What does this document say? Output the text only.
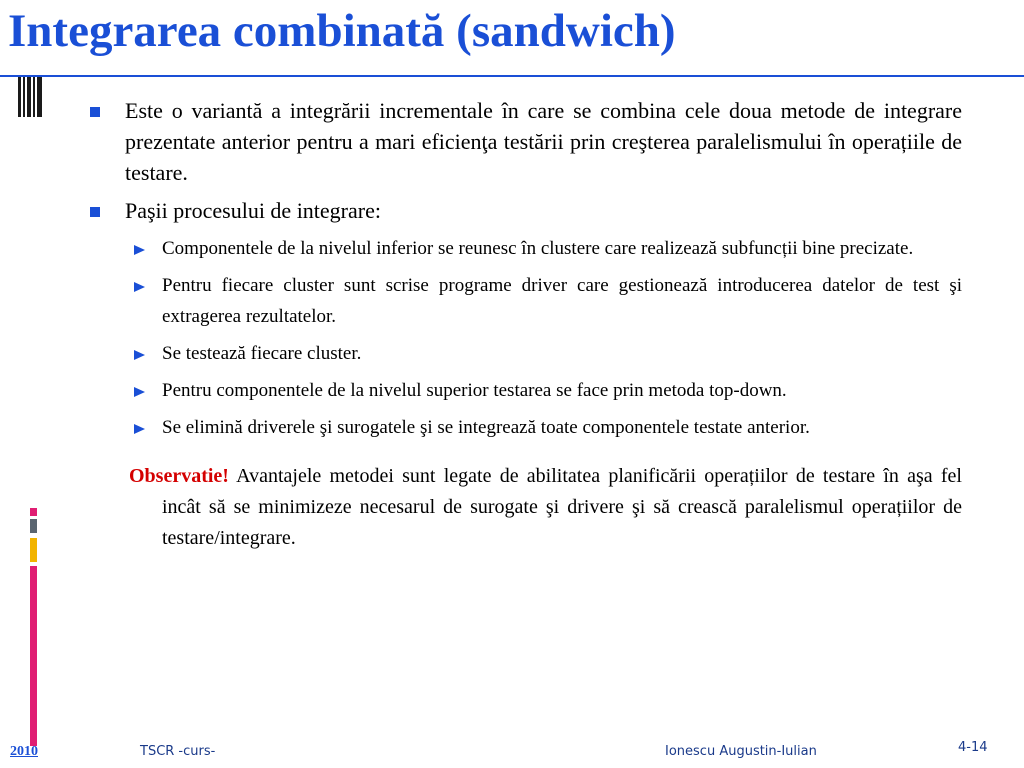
Integrarea combinată (sandwich)
Este o variantă a integrării incrementale în care se combina cele doua metode de integrare prezentate anterior pentru a mari eficienţa testării prin creşterea paralelismului în operațiile de testare.
Paşii procesului de integrare:
Componentele de la nivelul inferior se reunesc în clustere care realizează subfuncții bine precizate.
Pentru fiecare cluster sunt scrise programe driver care gestionează introducerea datelor de test şi extragerea rezultatelor.
Se testează fiecare cluster.
Pentru componentele de la nivelul superior testarea se face prin metoda top-down.
Se elimină driverele şi surogatele şi se integrează toate componentele testate anterior.
Observatie! Avantajele metodei sunt legate de abilitatea planificării operațiilor de testare în aşa fel incât să se minimizeze necesarul de surogate şi drivere şi să crească paralelismul operațiilor de testare/integrare.
2010	TSCR -curs-	Ionescu Augustin-Iulian	4-14
